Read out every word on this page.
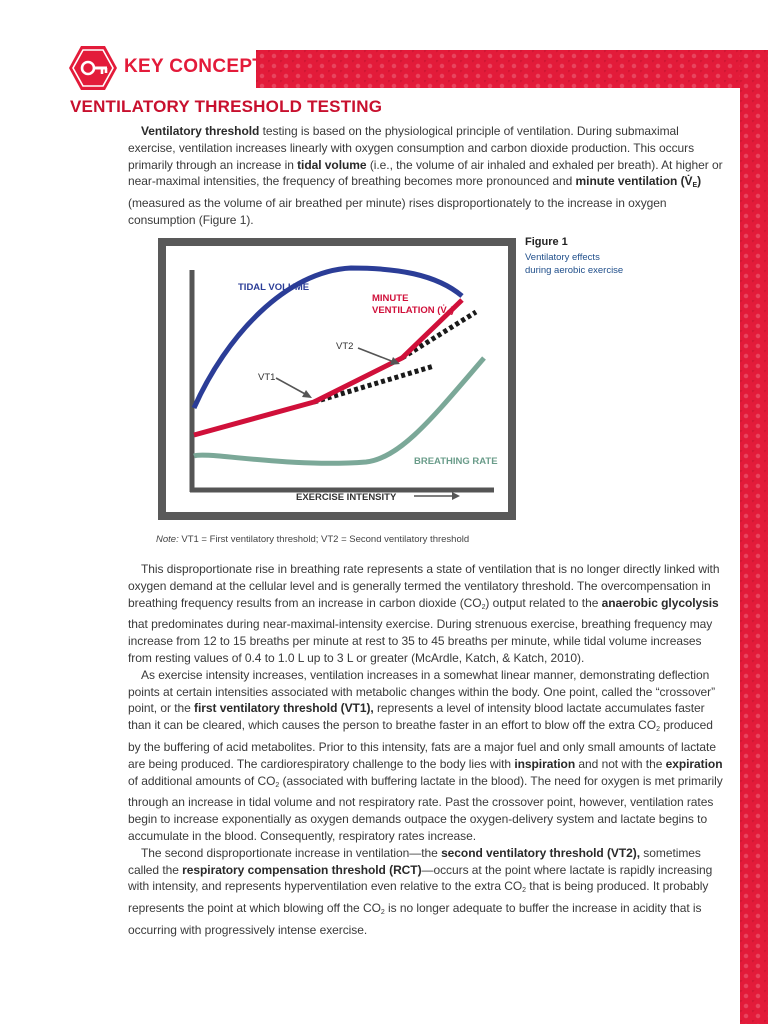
KEY CONCEPT
VENTILATORY THRESHOLD TESTING

Ventilatory threshold testing is based on the physiological principle of ventilation. During submaximal exercise, ventilation increases linearly with oxygen consumption and carbon dioxide production. This occurs primarily through an increase in tidal volume (i.e., the volume of air inhaled and exhaled per breath). At higher or near-maximal intensities, the frequency of breathing becomes more pronounced and minute ventilation $(V̇_E)$ (measured as the volume of air breathed per minute) rises disproportionately to the increase in oxygen consumption (Figure 1).

TIDAL VOLUME
MINUTE
VENTILATION $(V̇_E)$
VT2
VT1
BREATHING RATE
EXERCISE INTENSITY
Figure 1
Ventilatory effects during aerobic exercise
Note: VT1 = First ventilatory threshold; VT2 = Second ventilatory threshold

This disproportionate rise in breathing rate represents a state of ventilation that is no longer directly linked with oxygen demand at the cellular level and is generally termed the ventilatory threshold. The overcompensation in breathing frequency results from an increase in carbon dioxide $(CO_2)$ output related to the anaerobic glycolysis that predominates during near-maximal-intensity exercise. During strenuous exercise, breathing frequency may increase from 12 to 15 breaths per minute at rest to 35 to 45 breaths per minute, while tidal volume increases from resting values of 0.4 to 1.0 L up to 3 L or greater (McArdle, Katch, & Katch, 2010).

As exercise intensity increases, ventilation increases in a somewhat linear manner, demonstrating deflection points at certain intensities associated with metabolic changes within the body. One point, called the “crossover” point, or the first ventilatory threshold (VT1), represents a level of intensity blood lactate accumulates faster than it can be cleared, which causes the person to breathe faster in an effort to blow off the extra $CO_2$ produced by the buffering of acid metabolites. Prior to this intensity, fats are a major fuel and only small amounts of lactate are being produced. The cardiorespiratory challenge to the body lies with inspiration and not with the expiration of additional amounts of $CO_2$ (associated with buffering lactate in the blood). The need for oxygen is met primarily through an increase in tidal volume and not respiratory rate. Past the crossover point, however, ventilation rates begin to increase exponentially as oxygen demands outpace the oxygen-delivery system and lactate begins to accumulate in the blood. Consequently, respiratory rates increase.

The second disproportionate increase in ventilation—the second ventilatory threshold (VT2), sometimes called the respiratory compensation threshold (RCT)—occurs at the point where lactate is rapidly increasing with intensity, and represents hyperventilation even relative to the extra $CO_2$ that is being produced. It probably represents the point at which blowing off the $CO_2$ is no longer adequate to buffer the increase in acidity that is occurring with progressively intense exercise.
